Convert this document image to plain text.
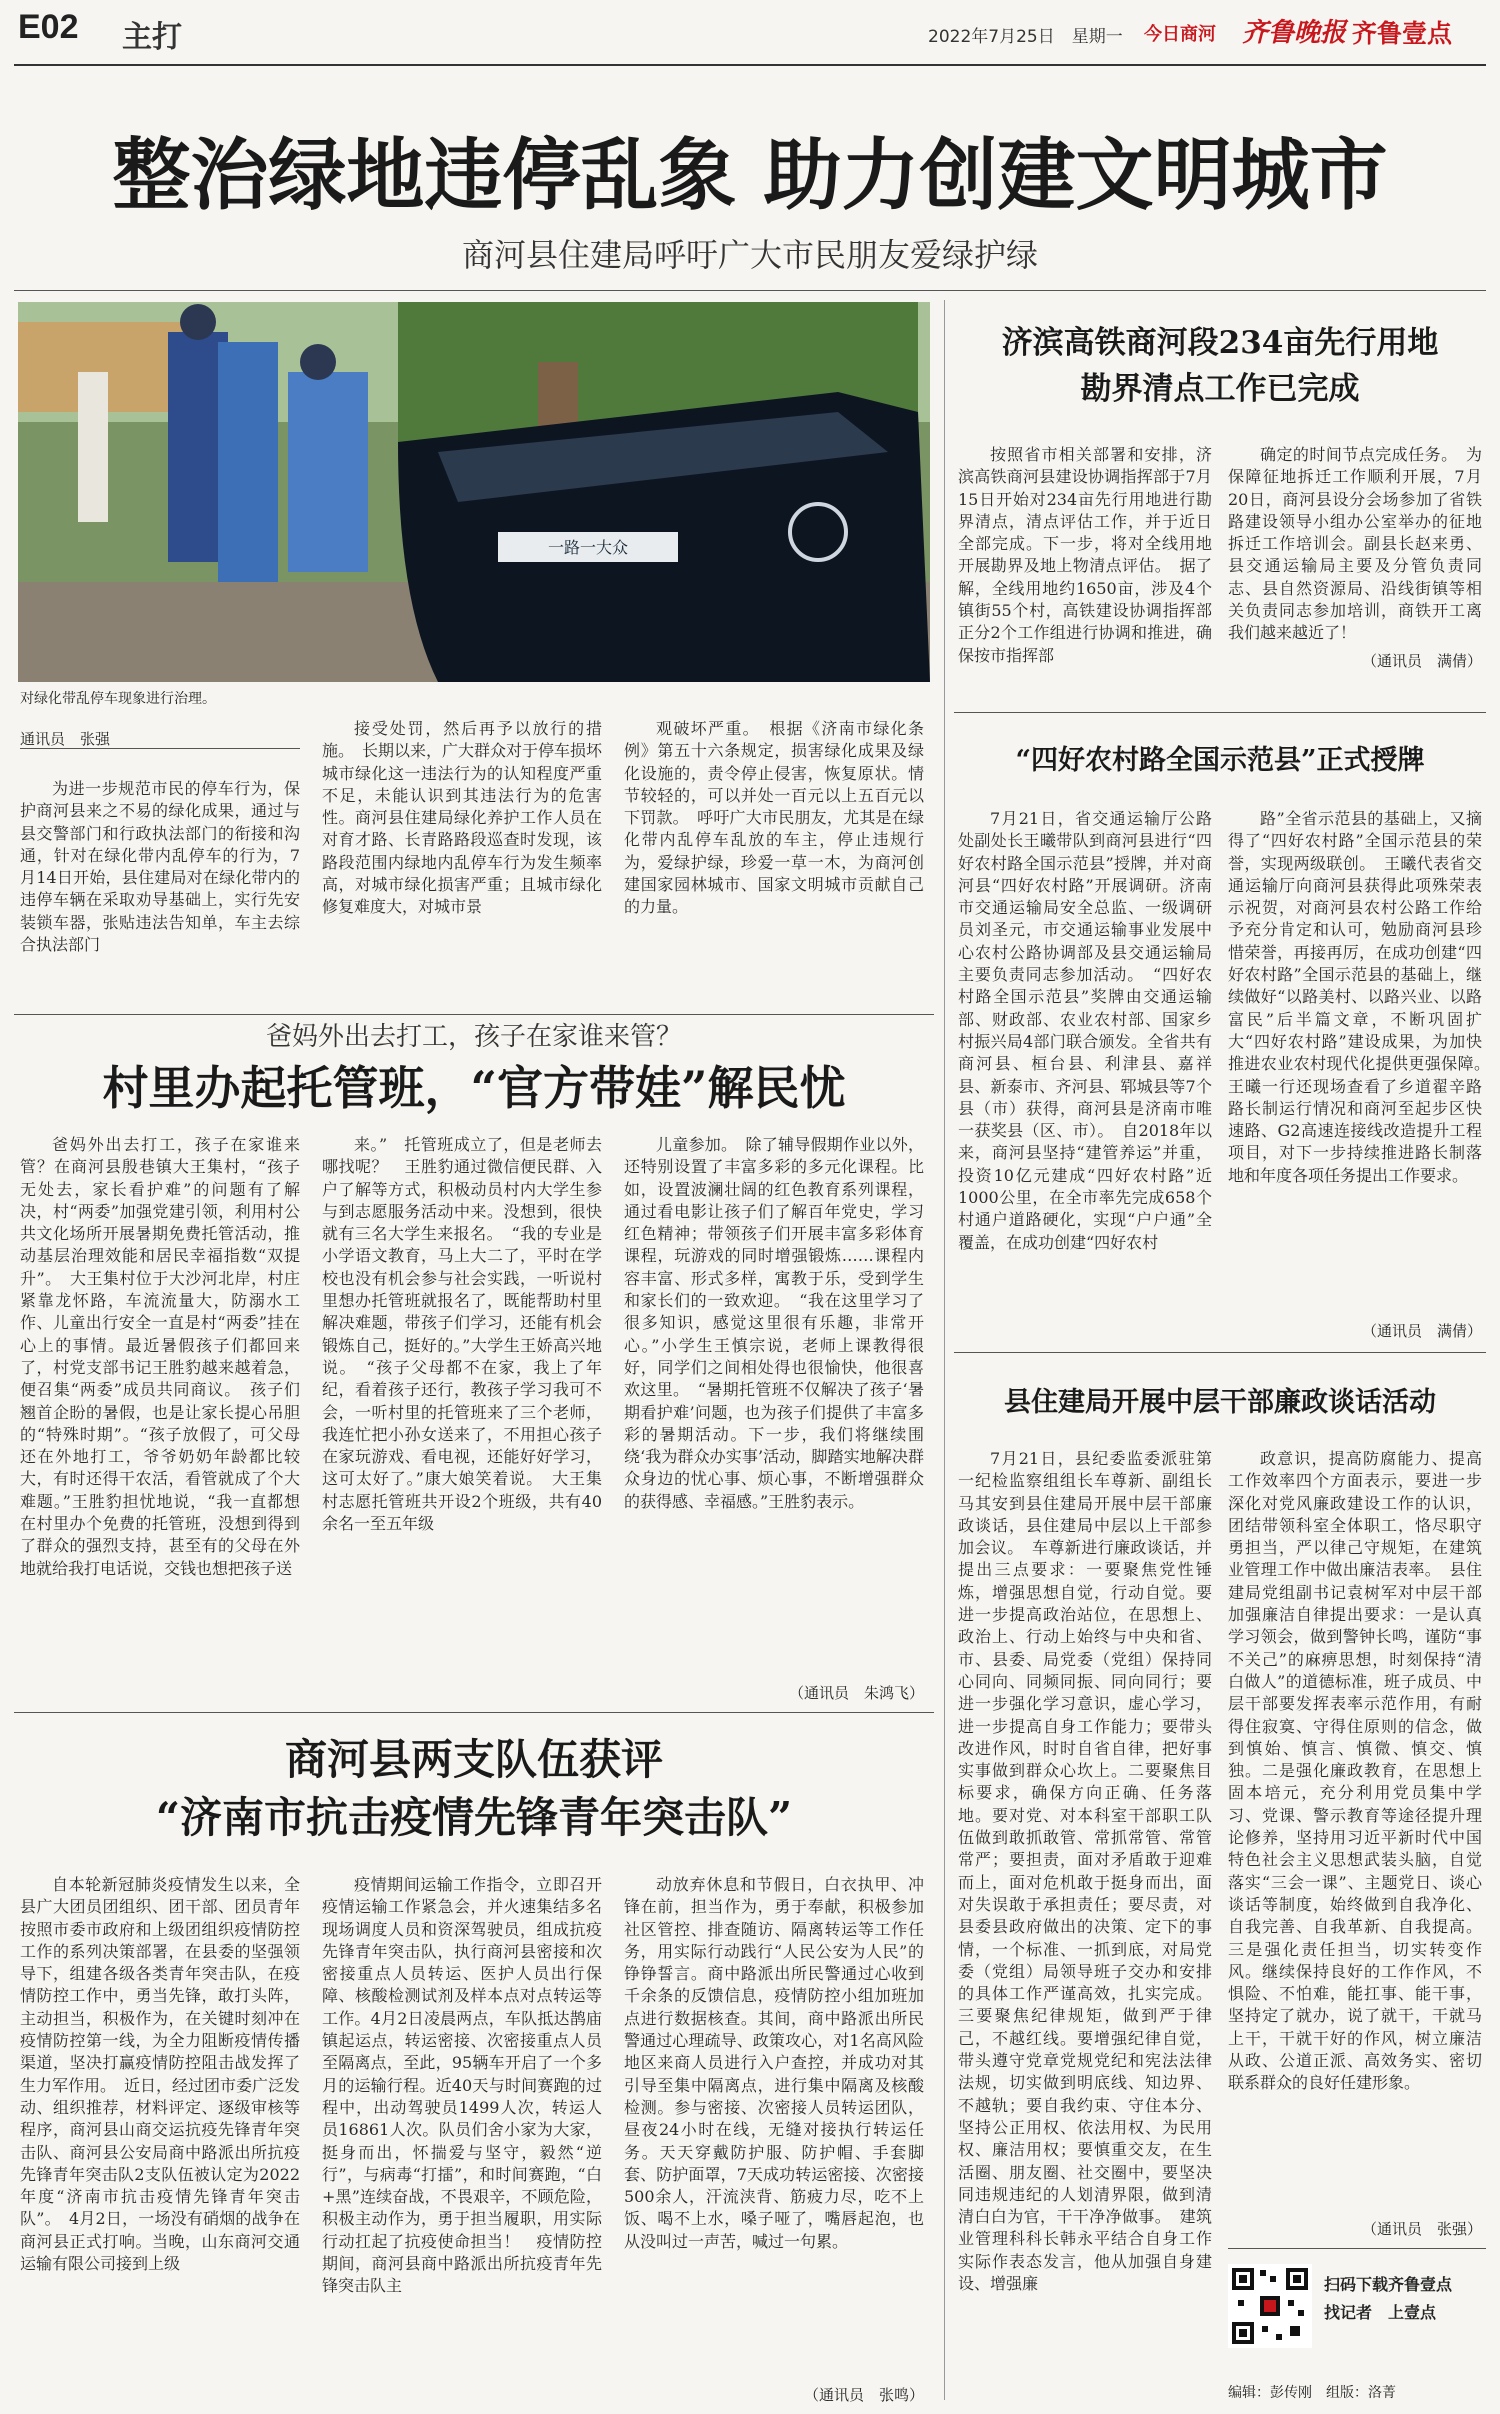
E02 主打	2022年7月25日　星期一 今日商河 齐鲁晚报 齐鲁壹点
整治绿地违停乱象 助力创建文明城市
商河县住建局呼吁广大市民朋友爱绿护绿
一路一大众
对绿化带乱停车现象进行治理。
通讯员　张强

为进一步规范市民的停车行为，保护商河县来之不易的绿化成果，通过与县交警部门和行政执法部门的衔接和沟通，针对在绿化带内乱停车的行为，7月14日开始，县住建局对在绿化带内的违停车辆在采取劝导基础上，实行先安装锁车器，张贴违法告知单，车主去综合执法部门

接受处罚，然后再予以放行的措施。　长期以来，广大群众对于停车损坏城市绿化这一违法行为的认知程度严重不足，未能认识到其违法行为的危害性。商河县住建局绿化养护工作人员在对育才路、长青路路段巡查时发现，该路段范围内绿地内乱停车行为发生频率高，对城市绿化损害严重；且城市绿化修复难度大，对城市景

观破坏严重。　根据《济南市绿化条例》第五十六条规定，损害绿化成果及绿化设施的，责令停止侵害，恢复原状。情节较轻的，可以并处一百元以上五百元以下罚款。　呼吁广大市民朋友，尤其是在绿化带内乱停车乱放的车主，停止违规行为，爱绿护绿，珍爱一草一木，为商河创建国家园林城市、国家文明城市贡献自己的力量。

爸妈外出去打工，孩子在家谁来管？
村里办起托管班，“官方带娃”解民忧

爸妈外出去打工，孩子在家谁来管？在商河县殷巷镇大王集村，“孩子无处去，家长看护难”的问题有了解决，村“两委”加强党建引领，利用村公共文化场所开展暑期免费托管活动，推动基层治理效能和居民幸福指数“双提升”。　大王集村位于大沙河北岸，村庄紧靠龙怀路，车流流量大，防溺水工作、儿童出行安全一直是村“两委”挂在心上的事情。最近暑假孩子们都回来了，村党支部书记王胜豹越来越着急，便召集“两委”成员共同商议。　孩子们翘首企盼的暑假，也是让家长提心吊胆的“特殊时期”。“孩子放假了，可父母还在外地打工，爷爷奶奶年龄都比较大，有时还得干农活，看管就成了个大难题。”王胜豹担忧地说，“我一直都想在村里办个免费的托管班，没想到得到了群众的强烈支持，甚至有的父母在外地就给我打电话说，交钱也想把孩子送

来。”　托管班成立了，但是老师去哪找呢？　王胜豹通过微信便民群、入户了解等方式，积极动员村内大学生参与到志愿服务活动中来。没想到，很快就有三名大学生来报名。　“我的专业是小学语文教育，马上大二了，平时在学校也没有机会参与社会实践，一听说村里想办托管班就报名了，既能帮助村里解决难题，带孩子们学习，还能有机会锻炼自己，挺好的。”大学生王娇高兴地说。　“孩子父母都不在家，我上了年纪，看着孩子还行，教孩子学习我可不会，一听村里的托管班来了三个老师，我连忙把小孙女送来了，不用担心孩子在家玩游戏、看电视，还能好好学习，这可太好了。”康大娘笑着说。　大王集村志愿托管班共开设2个班级，共有40余名一至五年级

儿童参加。　除了辅导假期作业以外，还特别设置了丰富多彩的多元化课程。比如，设置波澜壮阔的红色教育系列课程，通过看电影让孩子们了解百年党史，学习红色精神；带领孩子们开展丰富多彩体育课程，玩游戏的同时增强锻炼……课程内容丰富、形式多样，寓教于乐，受到学生和家长们的一致欢迎。　“我在这里学习了很多知识，感觉这里很有乐趣，非常开心。”小学生王慎宗说，老师上课教得很好，同学们之间相处得也很愉快，他很喜欢这里。　“暑期托管班不仅解决了孩子‘暑期看护难’问题，也为孩子们提供了丰富多彩的暑期活动。下一步，我们将继续围绕‘我为群众办实事’活动，脚踏实地解决群众身边的忧心事、烦心事，不断增强群众的获得感、幸福感。”王胜豹表示。

（通讯员　朱鸿飞）
商河县两支队伍获评
“济南市抗击疫情先锋青年突击队”

自本轮新冠肺炎疫情发生以来，全县广大团员团组织、团干部、团员青年按照市委市政府和上级团组织疫情防控工作的系列决策部署，在县委的坚强领导下，组建各级各类青年突击队，在疫情防控工作中，勇当先锋，敢打头阵，主动担当，积极作为，在关键时刻冲在疫情防控第一线，为全力阻断疫情传播渠道，坚决打赢疫情防控阻击战发挥了生力军作用。　近日，经过团市委广泛发动、组织推荐，材料评定、逐级审核等程序，商河县山商交运抗疫先锋青年突击队、商河县公安局商中路派出所抗疫先锋青年突击队2支队伍被认定为2022年度“济南市抗击疫情先锋青年突击队”。　4月2日，一场没有硝烟的战争在商河县正式打响。当晚，山东商河交通运输有限公司接到上级

疫情期间运输工作指令，立即召开疫情运输工作紧急会，并火速集结多名现场调度人员和资深驾驶员，组成抗疫先锋青年突击队，执行商河县密接和次密接重点人员转运、医护人员出行保障、核酸检测试剂及样本点对点转运等工作。4月2日凌晨两点，车队抵达鹊庙镇起运点，转运密接、次密接重点人员至隔离点，至此，95辆车开启了一个多月的运输行程。近40天与时间赛跑的过程中，出动驾驶员1499人次，转运人员16861人次。队员们舍小家为大家，挺身而出，怀揣爱与坚守，毅然“逆行”，与病毒“打擂”，和时间赛跑，“白+黑”连续奋战，不畏艰辛，不顾危险，积极主动作为，勇于担当履职，用实际行动扛起了抗疫使命担当！　疫情防控期间，商河县商中路派出所抗疫青年先锋突击队主

动放弃休息和节假日，白衣执甲、冲锋在前，担当作为，勇于奉献，积极参加社区管控、排查随访、隔离转运等工作任务，用实际行动践行“人民公安为人民”的铮铮誓言。商中路派出所民警通过心收到千余条的反馈信息，疫情防控小组加班加点进行数据核查。其间，商中路派出所民警通过心理疏导、政策攻心，对1名高风险地区来商人员进行入户查控，并成功对其引导至集中隔离点，进行集中隔离及核酸检测。参与密接、次密接人员转运团队，昼夜24小时在线，无缝对接执行转运任务。天天穿戴防护服、防护帽、手套脚套、防护面罩，7天成功转运密接、次密接500余人，汗流浃背、筋疲力尽，吃不上饭、喝不上水，嗓子哑了，嘴唇起泡，也从没叫过一声苦，喊过一句累。

（通讯员　张鸣）
济滨高铁商河段234亩先行用地
勘界清点工作已完成

按照省市相关部署和安排，济滨高铁商河县建设协调指挥部于7月15日开始对234亩先行用地进行勘界清点，清点评估工作，并于近日全部完成。下一步，将对全线用地开展勘界及地上物清点评估。　据了解，全线用地约1650亩，涉及4个镇街55个村，高铁建设协调指挥部正分2个工作组进行协调和推进，确保按市指挥部

确定的时间节点完成任务。　为保障征地拆迁工作顺利开展，7月20日，商河县设分会场参加了省铁路建设领导小组办公室举办的征地拆迁工作培训会。副县长赵来勇、县交通运输局主要及分管负责同志、县自然资源局、沿线街镇等相关负责同志参加培训，商铁开工离我们越来越近了！

（通讯员　满倩）
“四好农村路全国示范县”正式授牌

7月21日，省交通运输厅公路处副处长王曦带队到商河县进行“四好农村路全国示范县”授牌，并对商河县“四好农村路”开展调研。济南市交通运输局安全总监、一级调研员刘圣元，市交通运输事业发展中心农村公路协调部及县交通运输局主要负责同志参加活动。　“四好农村路全国示范县”奖牌由交通运输部、财政部、农业农村部、国家乡村振兴局4部门联合颁发。全省共有商河县、桓台县、利津县、嘉祥县、新泰市、齐河县、郓城县等7个县（市）获得，商河县是济南市唯一获奖县（区、市）。　自2018年以来，商河县坚持“建管养运”并重，投资10亿元建成“四好农村路”近1000公里，在全市率先完成658个村通户道路硬化，实现“户户通”全覆盖，在成功创建“四好农村

路”全省示范县的基础上，又摘得了“四好农村路”全国示范县的荣誉，实现两级联创。　王曦代表省交通运输厅向商河县获得此项殊荣表示祝贺，对商河县农村公路工作给予充分肯定和认可，勉励商河县珍惜荣誉，再接再厉，在成功创建“四好农村路”全国示范县的基础上，继续做好“以路美村、以路兴业、以路富民”后半篇文章，不断巩固扩大“四好农村路”建设成果，为加快推进农业农村现代化提供更强保障。　王曦一行还现场查看了乡道翟辛路路长制运行情况和商河至起步区快速路、G2高速连接线改造提升工程项目，对下一步持续推进路长制落地和年度各项任务提出工作要求。

（通讯员　满倩）
县住建局开展中层干部廉政谈话活动

7月21日，县纪委监委派驻第一纪检监察组组长车尊新、副组长马其安到县住建局开展中层干部廉政谈话，县住建局中层以上干部参加会议。　车尊新进行廉政谈话，并提出三点要求：一要聚焦党性锤炼，增强思想自觉，行动自觉。要进一步提高政治站位，在思想上、政治上、行动上始终与中央和省、市、县委、局党委（党组）保持同心同向、同频同振、同向同行；要进一步强化学习意识，虚心学习，进一步提高自身工作能力；要带头改进作风，时时自省自律，把好事实事做到群众心坎上。二要聚焦目标要求，确保方向正确、任务落地。要对党、对本科室干部职工队伍做到敢抓敢管、常抓常管、常管常严；要担责，面对矛盾敢于迎难而上，面对危机敢于挺身而出，面对失误敢于承担责任；要尽责，对县委县政府做出的决策、定下的事情，一个标准、一抓到底，对局党委（党组）局领导班子交办和安排的具体工作严谨高效，扎实完成。三要聚焦纪律规矩，做到严于律己，不越红线。要增强纪律自觉，带头遵守党章党规党纪和宪法法律法规，切实做到明底线、知边界、不越轨；要自我约束、守住本分、坚持公正用权、依法用权、为民用权、廉洁用权；要慎重交友，在生活圈、朋友圈、社交圈中，要坚决同违规违纪的人划清界限，做到清清白白为官，干干净净做事。　建筑业管理科科长韩永平结合自身工作实际作表态发言，他从加强自身建设、增强廉

政意识，提高防腐能力、提高工作效率四个方面表示，要进一步深化对党风廉政建设工作的认识，团结带领科室全体职工，恪尽职守勇担当，严以律己守规矩，在建筑业管理工作中做出廉洁表率。　县住建局党组副书记袁树军对中层干部加强廉洁自律提出要求：一是认真学习领会，做到警钟长鸣，谨防“事不关己”的麻痹思想，时刻保持“清白做人”的道德标准，班子成员、中层干部要发挥表率示范作用，有耐得住寂寞、守得住原则的信念，做到慎始、慎言、慎微、慎交、慎独。二是强化廉政教育，在思想上固本培元，充分利用党员集中学习、党课、警示教育等途径提升理论修养，坚持用习近平新时代中国特色社会主义思想武装头脑，自觉落实“三会一课”、主题党日、谈心谈话等制度，始终做到自我净化、自我完善、自我革新、自我提高。三是强化责任担当，切实转变作风。继续保持良好的工作作风，不惧险、不怕难，能扛事、能干事，坚持定了就办，说了就干，干就马上干，干就干好的作风，树立廉洁从政、公道正派、高效务实、密切联系群众的良好任建形象。

（通讯员　张强）
扫码下载齐鲁壹点
找记者　上壹点
编辑：彭传刚　组版：洛菁
